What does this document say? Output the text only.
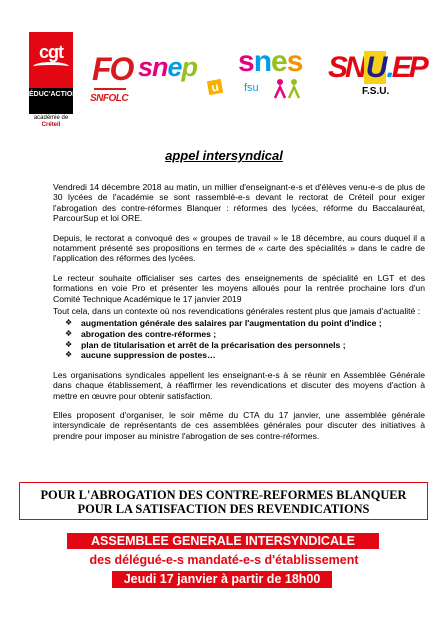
cgt
ÉDUC'ACTION
académie de
Créteil
FO
SNFOLC
snep
u
snes
fsu
SNU.EP
F.S.U.
appel intersyndical

Vendredi 14 décembre 2018 au matin, un millier d'enseignant-e-s et d'élèves venu-e-s de plus de 30 lycées de l'académie se sont rassemblé-e-s devant le rectorat de Créteil pour exiger l'abrogation des contre-réformes Blanquer : réformes des lycées, réforme du Baccalauréat, ParcourSup et loi ORE.

Depuis, le rectorat a convoqué des « groupes de travail » le 18 décembre, au cours duquel il a notamment présenté ses propositions en termes de « carte des spécialités » dans le cadre de l'application des réformes des lycées.

Le recteur souhaite officialiser ses cartes des enseignements de spécialité en LGT et des formations en voie Pro et présenter les moyens alloués pour la rentrée prochaine lors d'un Comité Technique Académique le 17 janvier 2019

Tout cela, dans un contexte où nos revendications générales restent plus que jamais d'actualité :

❖ augmentation générale des salaires par l'augmentation du point d'indice ;
❖ abrogation des contre-réformes ;
❖ plan de titularisation et arrêt de la précarisation des personnels ;
❖ aucune suppression de postes…

Les organisations syndicales appellent les enseignant-e-s à se réunir en Assemblée Générale dans chaque établissement, à réaffirmer les revendications et discuter des moyens d'action à mettre en œuvre pour obtenir satisfaction.

Elles proposent d'organiser, le soir même du CTA du 17 janvier, une assemblée générale intersyndicale de représentants de ces assemblées générales pour discuter des initiatives à prendre pour imposer au ministre l'abrogation de ses contre-réformes.

POUR L'ABROGATION DES CONTRE-REFORMES BLANQUER
POUR LA SATISFACTION DES REVENDICATIONS
ASSEMBLEE GENERALE INTERSYNDICALE
des délégué-e-s mandaté-e-s d'établissement
Jeudi 17 janvier à partir de 18h00
